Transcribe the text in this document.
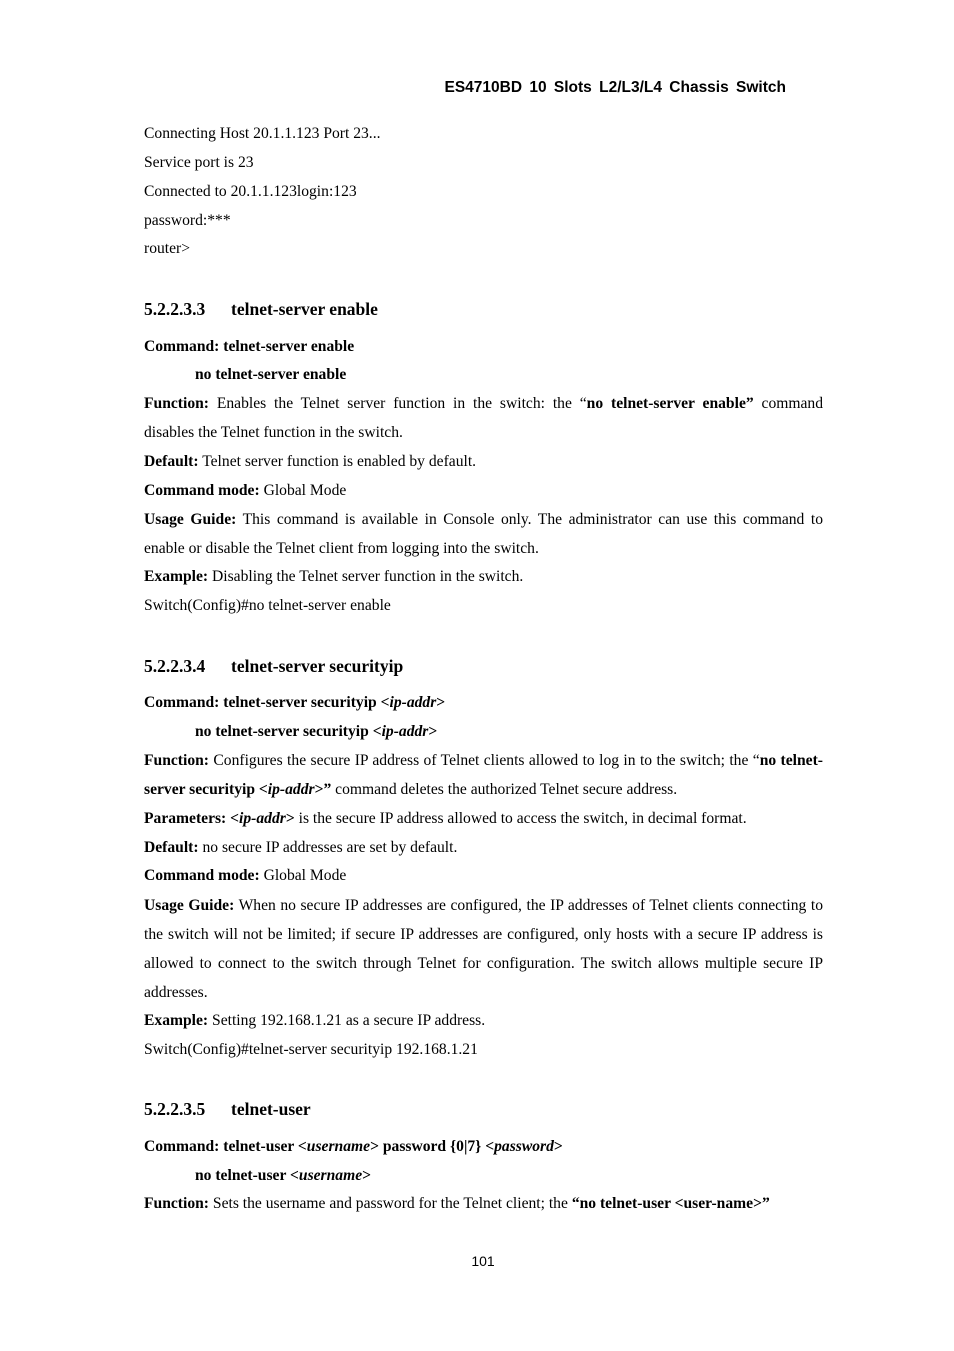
ES4710BD 10 Slots L2/L3/L4 Chassis Switch
Connecting Host 20.1.1.123 Port 23...
Service port is 23
Connected to 20.1.1.123login:123
password:***
router>
5.2.2.3.3 telnet-server enable
Command: telnet-server enable
no telnet-server enable
Function: Enables the Telnet server function in the switch: the “no telnet-server enable” command disables the Telnet function in the switch.
Default: Telnet server function is enabled by default.
Command mode: Global Mode
Usage Guide: This command is available in Console only. The administrator can use this command to enable or disable the Telnet client from logging into the switch.
Example: Disabling the Telnet server function in the switch.
Switch(Config)#no telnet-server enable
5.2.2.3.4 telnet-server securityip
Command: telnet-server securityip <ip-addr>
no telnet-server securityip <ip-addr>
Function: Configures the secure IP address of Telnet clients allowed to log in to the switch; the “no telnet-server securityip <ip-addr>” command deletes the authorized Telnet secure address.
Parameters: <ip-addr> is the secure IP address allowed to access the switch, in decimal format.
Default: no secure IP addresses are set by default.
Command mode: Global Mode
Usage Guide: When no secure IP addresses are configured, the IP addresses of Telnet clients connecting to the switch will not be limited; if secure IP addresses are configured, only hosts with a secure IP address is allowed to connect to the switch through Telnet for configuration. The switch allows multiple secure IP addresses.
Example: Setting 192.168.1.21 as a secure IP address.
Switch(Config)#telnet-server securityip 192.168.1.21
5.2.2.3.5 telnet-user
Command: telnet-user <username> password {0|7} <password>
no telnet-user <username>
Function: Sets the username and password for the Telnet client; the “no telnet-user <user-name>”
101
